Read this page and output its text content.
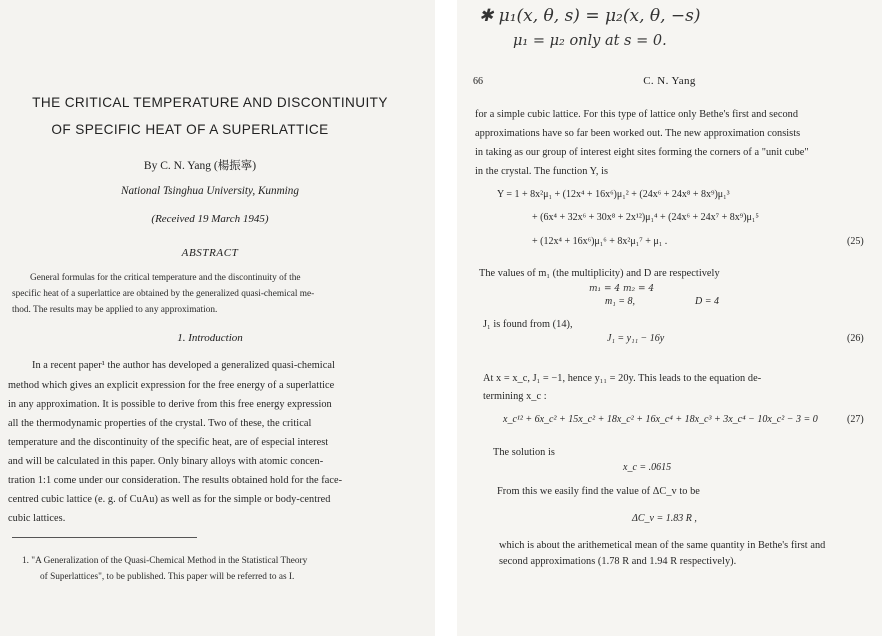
THE CRITICAL TEMPERATURE AND DISCONTINUITY
OF SPECIFIC HEAT OF A SUPERLATTICE
By C. N. Yang (楊振寧)
National Tsinghua University, Kunming
(Received 19 March 1945)
ABSTRACT
General formulas for the critical temperature and the discontinuity of the
specific heat of a superlattice are obtained by the generalized quasi-chemical me-
thod. The results may be applied to any approximation.
1. Introduction
In a recent paper¹ the author has developed a generalized quasi-chemical
method which gives an explicit expression for the free energy of a superlattice
in any approximation. It is possible to derive from this free energy expression
all the thermodynamic properties of the crystal. Two of these, the critical
temperature and the discontinuity of the specific heat, are of especial interest
and will be calculated in this paper. Only binary alloys with atomic concen-
tration 1:1 come under our consideration. The results obtained hold for the face-
centred cubic lattice (e. g. of CuAu) as well as for the simple or body-centred
cubic lattices.
1. "A Generalization of the Quasi-Chemical Method in the Statistical Theory
of Superlattices", to be published. This paper will be referred to as I.
✱ μ₁(x, θ, s) = μ₂(x, θ, −s)
μ₁ = μ₂ only at s = 0.
66	C. N. Yang
for a simple cubic lattice. For this type of lattice only Bethe's first and second
approximations have so far been worked out. The new approximation consists
in taking as our group of interest eight sites forming the corners of a "unit cube"
in the crystal. The function Y, is
Y = 1 + 8x²μ₁ + (12x⁴ + 16x⁶)μ₁² + (24x⁶ + 24x⁸ + 8x⁹)μ₁³
+ (6x⁴ + 32x⁶ + 30x⁸ + 2x¹²)μ₁⁴ + (24x⁶ + 24x⁷ + 8x⁹)μ₁⁵
+ (12x⁴ + 16x⁶)μ₁⁶ + 8x²μ₁⁷ + μ₁ .	(25)
The values of m₁ (the multiplicity) and D are respectively
m₁ = 4 m₂ = 4
m₁ = 8,	D = 4
J₁ is found from (14),
J₁ = y₁₁ − 16y	(26)
At x = x_c, J₁ = −1, hence y₁₁ = 20y. This leads to the equation de-
termining x_c :
x_c¹² + 6x_c² + 15x_c² + 18x_c² + 16x_c⁴ + 18x_c³ + 3x_c⁴ − 10x_c² − 3 = 0	(27)
The solution is
x_c = .0615
From this we easily find the value of ΔC_v to be
ΔC_v = 1.83 R ,
which is about the arithemetical mean of the same quantity in Bethe's first and
second approximations (1.78 R and 1.94 R respectively).
